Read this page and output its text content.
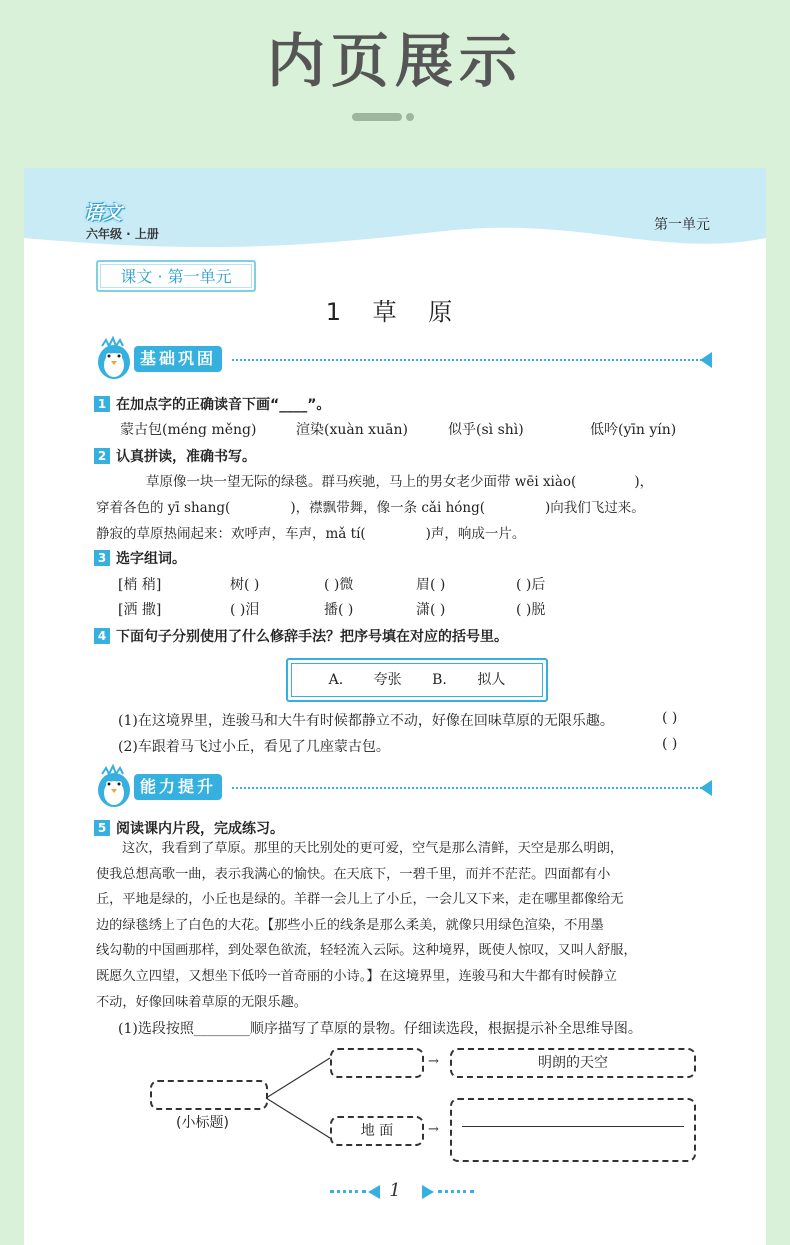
内页展示
语文
六年级 · 上册
第一单元
课文 · 第一单元
1 草 原
基础巩固
1 在加点字的正确读音下画“____”。
蒙古包(méng měng)	渲染(xuàn xuān)	似乎(sì shì)	低吟(yīn yín)
2 认真拼读，准确书写。
草原像一块一望无际的绿毯。群马疾驰，马上的男女老少面带 wēi xiào(	)，
穿着各色的 yī shang(	)，襟飘带舞，像一条 cǎi hóng(	)向我们飞过来。
静寂的草原热闹起来：欢呼声，车声，mǎ tí(	)声，响成一片。
3 选字组词。
[梢 稍]	树( )	( )微	眉( )	( )后
[洒 撒]	( )泪	播( )	潇( )	( )脱
4 下面句子分别使用了什么修辞手法？把序号填在对应的括号里。
A. 夸张 B. 拟人
(1)在这境界里，连骏马和大牛有时候都静立不动，好像在回味草原的无限乐趣。	( )
(2)车跟着马飞过小丘，看见了几座蒙古包。	( )
能力提升
5 阅读课内片段，完成练习。
这次，我看到了草原。那里的天比别处的更可爱，空气是那么清鲜，天空是那么明朗，
使我总想高歌一曲，表示我满心的愉快。在天底下，一碧千里，而并不茫茫。四面都有小
丘，平地是绿的，小丘也是绿的。羊群一会儿上了小丘，一会儿又下来，走在哪里都像给无
边的绿毯绣上了白色的大花。【那些小丘的线条是那么柔美，就像只用绿色渲染，不用墨
线勾勒的中国画那样，到处翠色欲流，轻轻流入云际。这种境界，既使人惊叹，又叫人舒服，
既愿久立四望，又想坐下低吟一首奇丽的小诗。】在这境界里，连骏马和大牛都有时候静立
不动，好像回味着草原的无限乐趣。
(1)选段按照________顺序描写了草原的景物。仔细读选段，根据提示补全思维导图。
(小标题)
→	明朗的天空
地 面	→
1
